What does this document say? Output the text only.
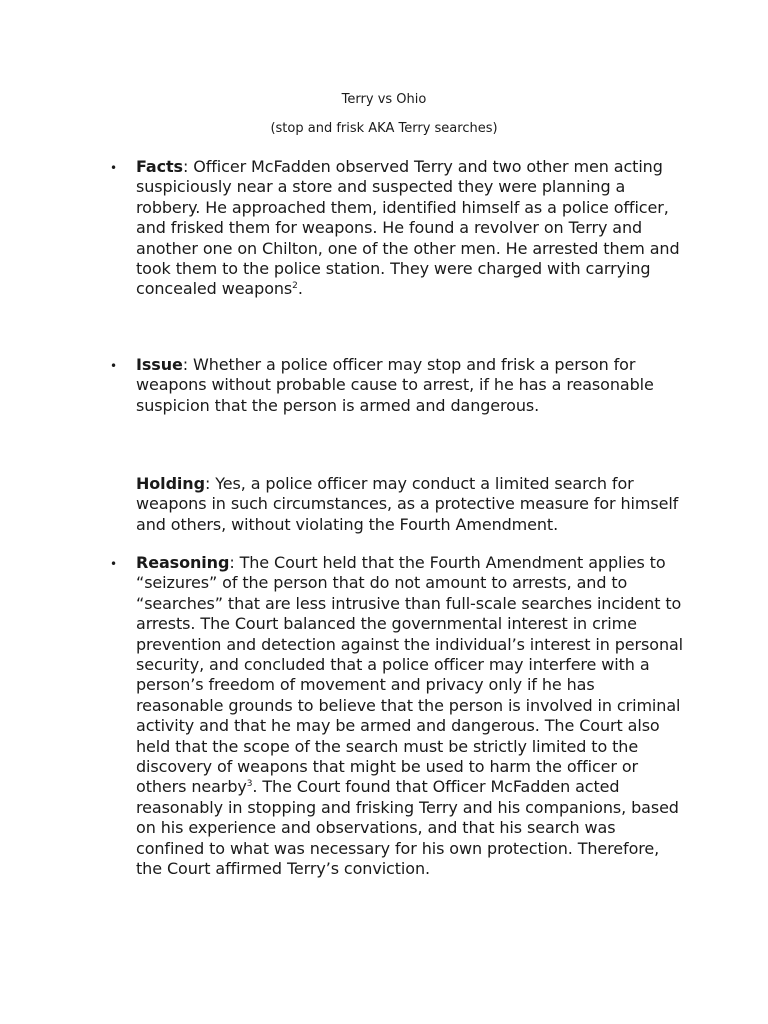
Terry vs Ohio
(stop and frisk AKA Terry searches)
• Facts: Officer McFadden observed Terry and two other men acting suspiciously near a store and suspected they were planning a robbery. He approached them, identified himself as a police officer, and frisked them for weapons. He found a revolver on Terry and another one on Chilton, one of the other men. He arrested them and took them to the police station. They were charged with carrying concealed weapons$^2$.
• Issue: Whether a police officer may stop and frisk a person for weapons without probable cause to arrest, if he has a reasonable suspicion that the person is armed and dangerous.
Holding: Yes, a police officer may conduct a limited search for weapons in such circumstances, as a protective measure for himself and others, without violating the Fourth Amendment.
• Reasoning: The Court held that the Fourth Amendment applies to “seizures” of the person that do not amount to arrests, and to “searches” that are less intrusive than full-scale searches incident to arrests. The Court balanced the governmental interest in crime prevention and detection against the individual’s interest in personal security, and concluded that a police officer may interfere with a person’s freedom of movement and privacy only if he has reasonable grounds to believe that the person is involved in criminal activity and that he may be armed and dangerous. The Court also held that the scope of the search must be strictly limited to the discovery of weapons that might be used to harm the officer or others nearby$^3$. The Court found that Officer McFadden acted reasonably in stopping and frisking Terry and his companions, based on his experience and observations, and that his search was confined to what was necessary for his own protection. Therefore, the Court affirmed Terry’s conviction.
